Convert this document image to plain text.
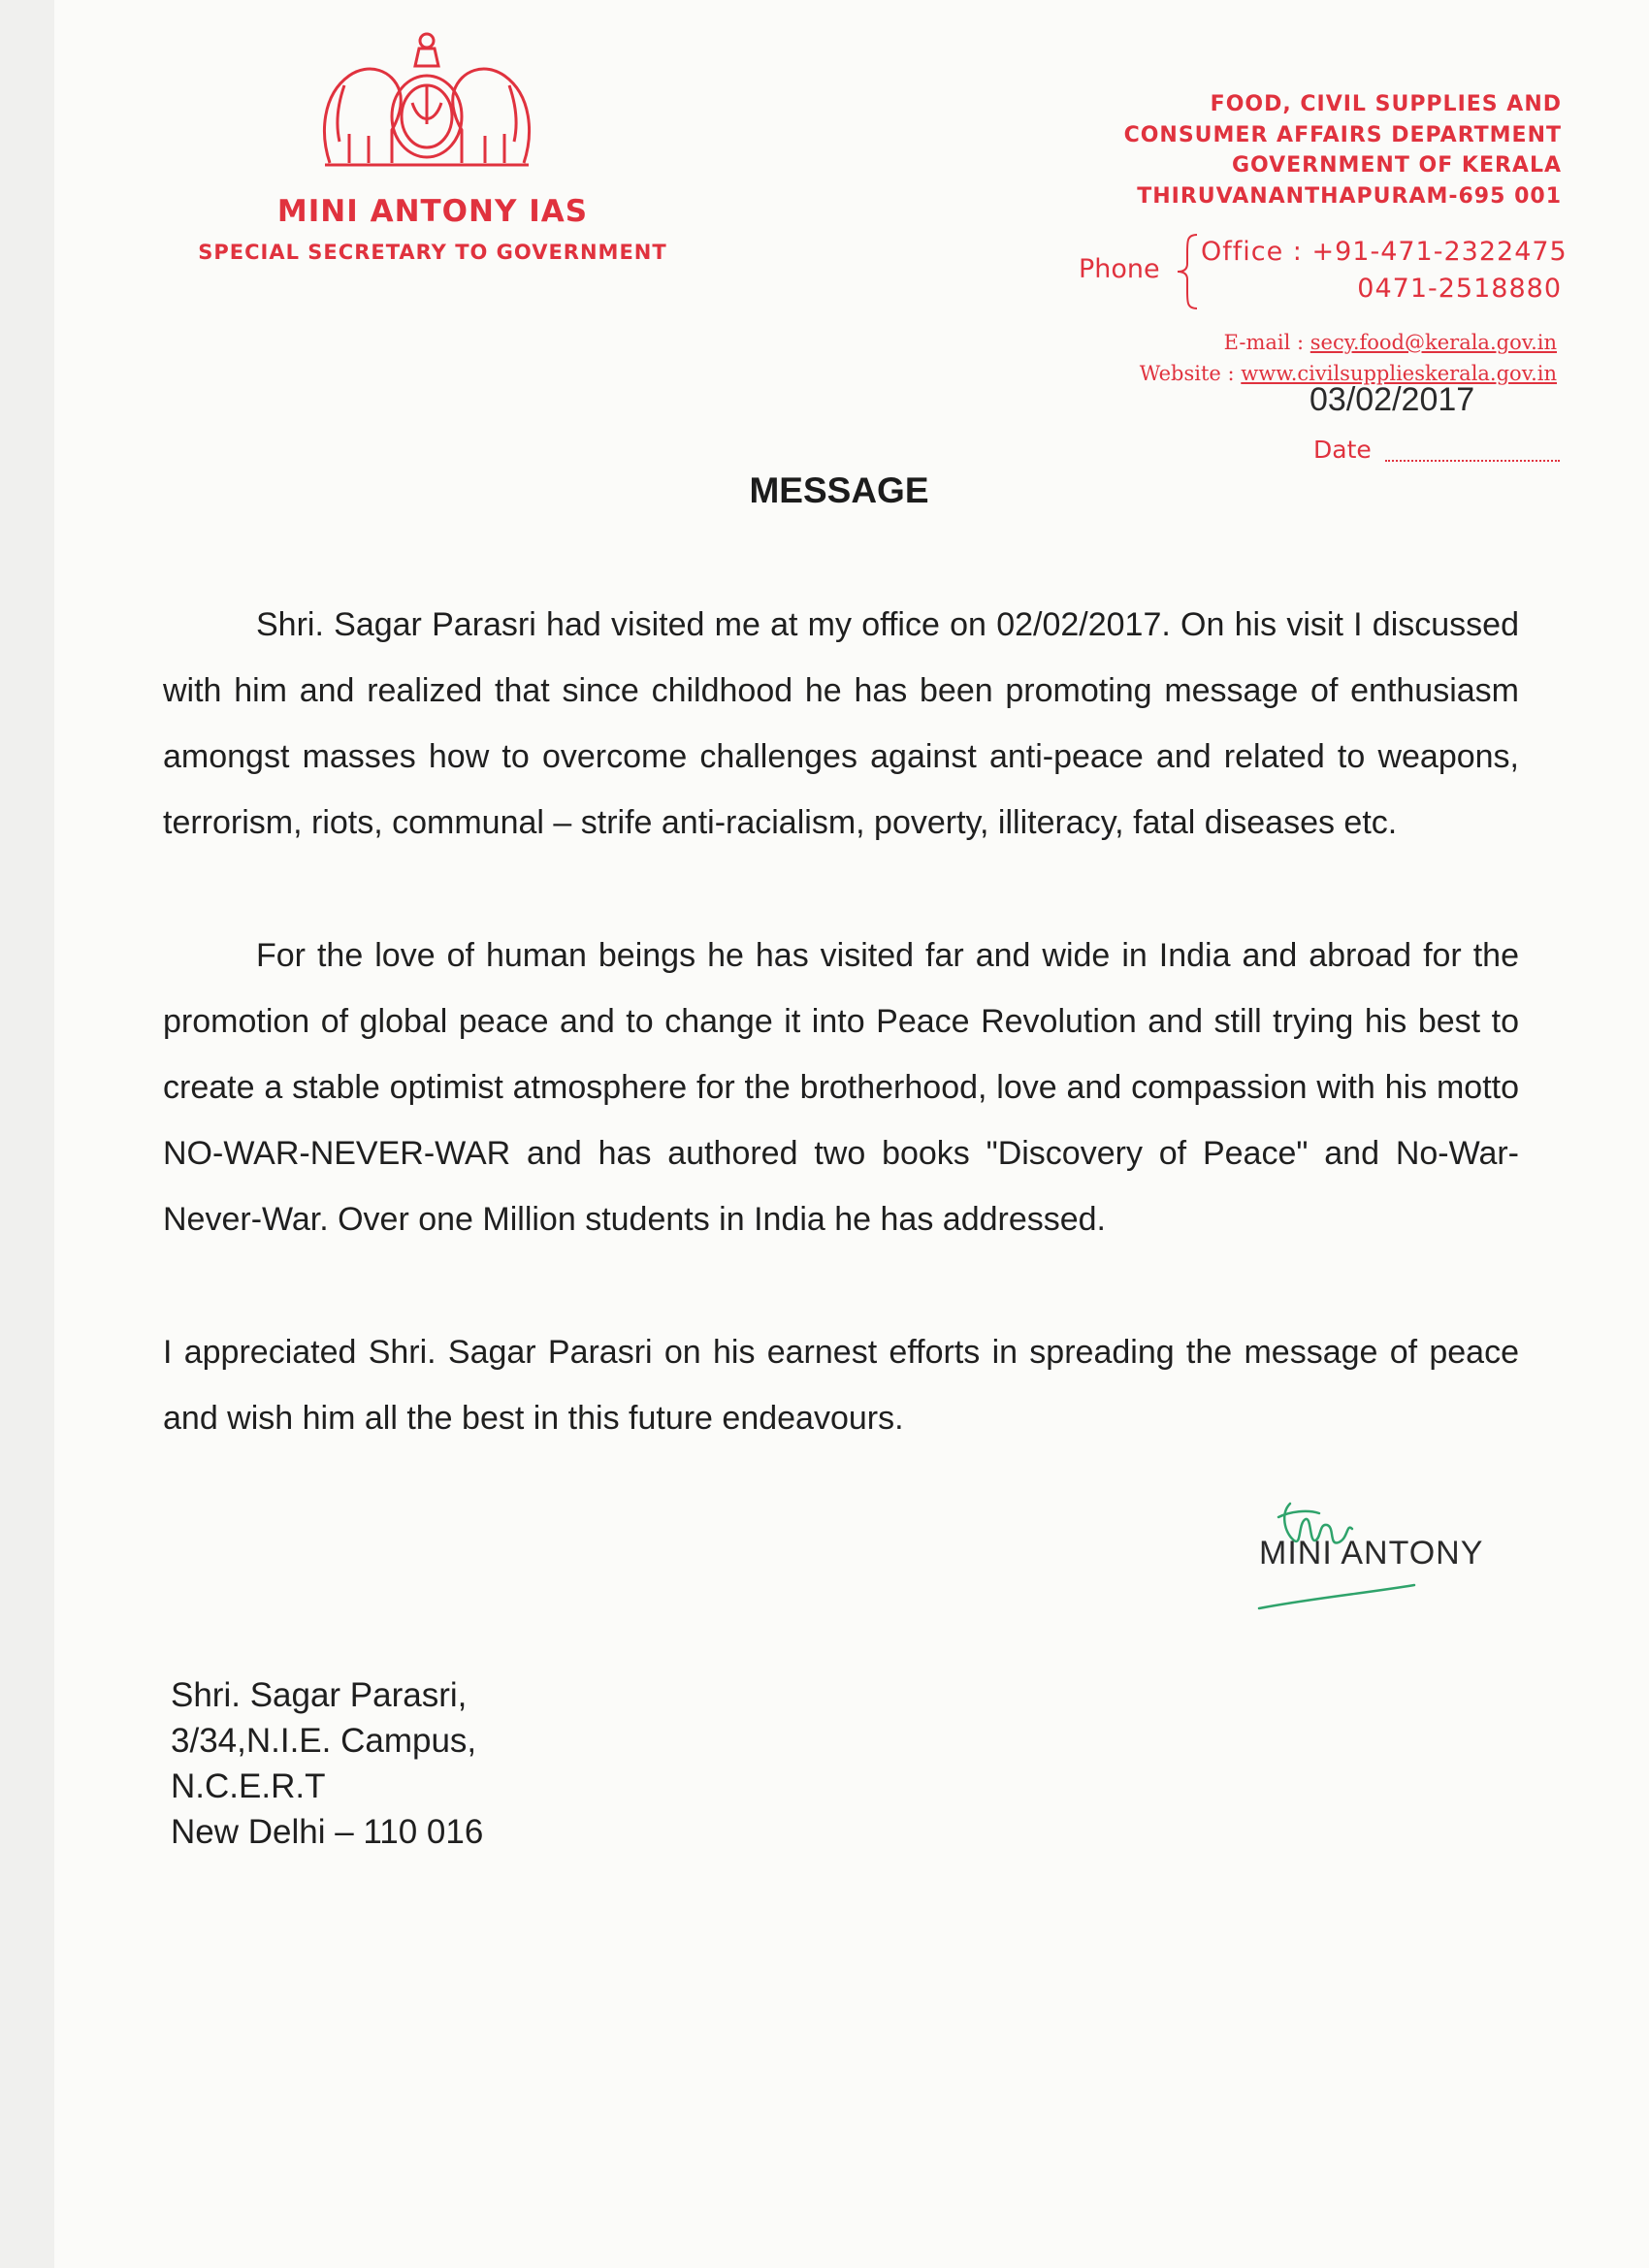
MINI ANTONY IAS
SPECIAL SECRETARY TO GOVERNMENT
FOOD, CIVIL SUPPLIES AND
CONSUMER AFFAIRS DEPARTMENT
GOVERNMENT OF KERALA
THIRUVANANTHAPURAM-695 001
Phone
Office : +91-471-2322475
0471-2518880
E-mail : secy.food@kerala.gov.in
Website : www.civilsupplieskerala.gov.in
03/02/2017
Date
MESSAGE
Shri. Sagar Parasri had visited me at my office on 02/02/2017. On his visit I discussed with him and realized that since childhood he has been promoting message of enthusiasm amongst masses how to overcome challenges against anti-peace and related to weapons, terrorism, riots, communal – strife anti-racialism, poverty, illiteracy, fatal diseases etc.
For the love of human beings he has visited far and wide in India and abroad for the promotion of global peace and to change it into Peace Revolution and still trying his best to create a stable optimist atmosphere for the brotherhood, love and compassion with his motto NO-WAR-NEVER-WAR and has authored two books "Discovery of Peace" and No-War-Never-War. Over one Million students in India he has addressed.
I appreciated Shri. Sagar Parasri on his earnest efforts in spreading the message of peace and wish him all the best in this future endeavours.
MINI ANTONY
Shri. Sagar Parasri,
3/34,N.I.E. Campus,
N.C.E.R.T
New Delhi – 110 016
